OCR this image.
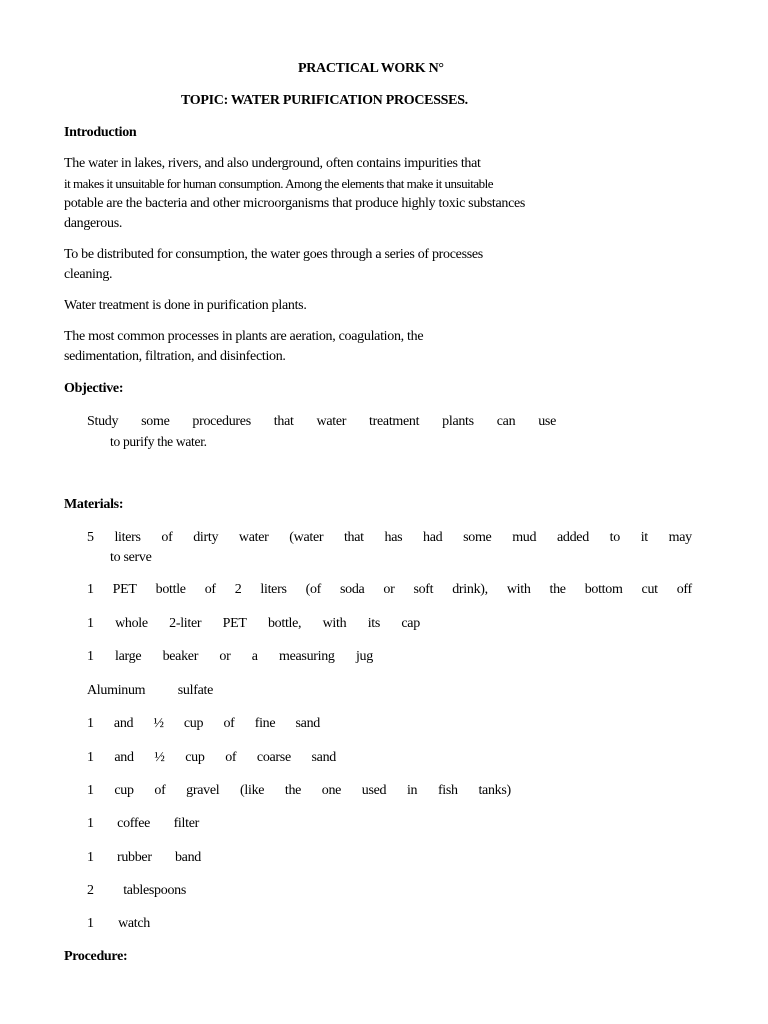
PRACTICAL WORK N°
TOPIC: WATER PURIFICATION PROCESSES.
Introduction
The water in lakes, rivers, and also underground, often contains impurities that
it makes it unsuitable for human consumption. Among the elements that make it unsuitable
potable are the bacteria and other microorganisms that produce highly toxic substances
dangerous.
To be distributed for consumption, the water goes through a series of processes
cleaning.
Water treatment is done in purification plants.
The most common processes in plants are aeration, coagulation, the
sedimentation, filtration, and disinfection.
Objective:
Study some procedures that water treatment plants can use
to purify the water.
Materials:
5 liters of dirty water (water that has had some mud added to it may
to serve
1 PET bottle of 2 liters (of soda or soft drink), with the bottom cut off
1 whole 2-liter PET bottle, with its cap
1 large beaker or a measuring jug
Aluminum sulfate
1 and ½ cup of fine sand
1 and ½ cup of coarse sand
1 cup of gravel (like the one used in fish tanks)
1 coffee filter
1 rubber band
2 tablespoons
1 watch
Procedure:
